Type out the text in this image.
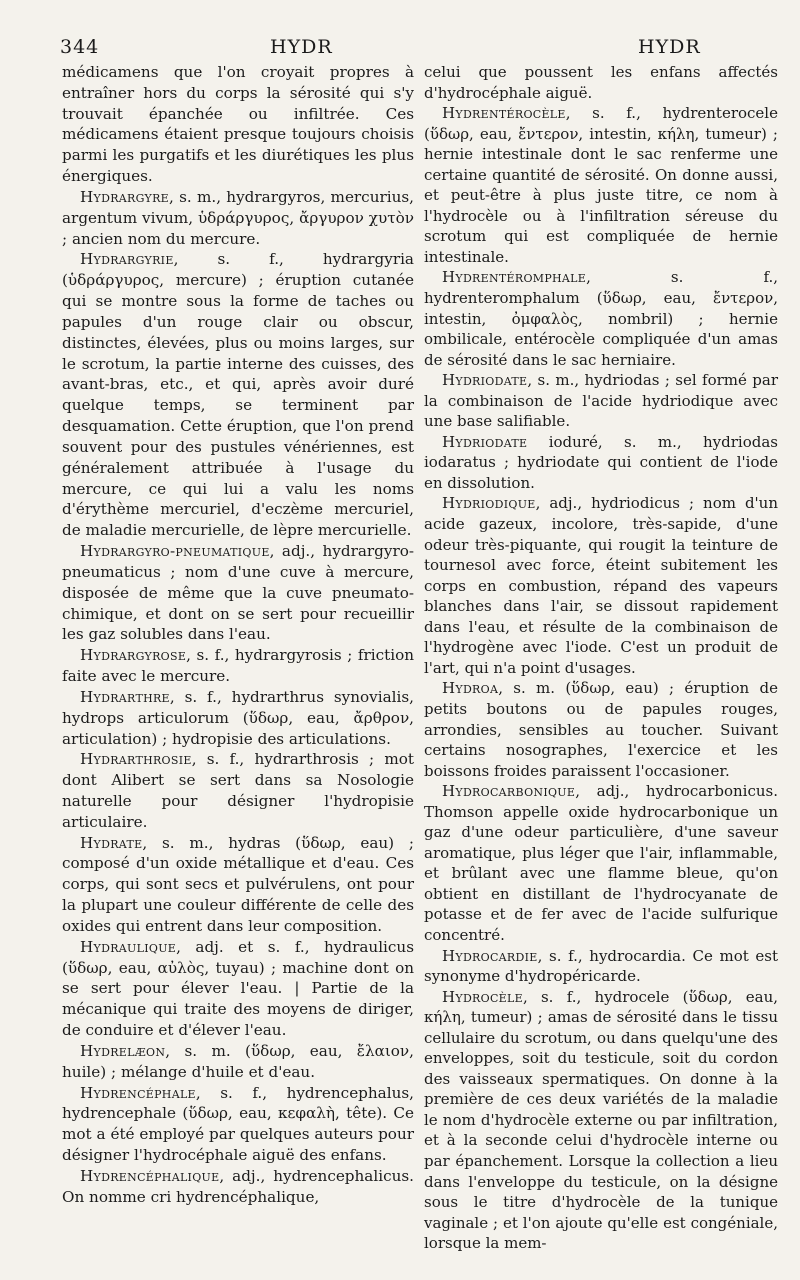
344	HYDR	HYDR

médicamens que l'on croyait propres à entraîner hors du corps la sérosité qui s'y trouvait épanchée ou infiltrée. Ces médicamens étaient presque toujours choisis parmi les purgatifs et les diurétiques les plus énergiques.

Hydrargyre, s. m., hydrargyros, mercurius, argentum vivum, ὑδράργυρος, ἄργυρον χυτὸν ; ancien nom du mercure.

Hydrargyrie, s. f., hydrargyria (ὑδράργυρος, mercure) ; éruption cutanée qui se montre sous la forme de taches ou papules d'un rouge clair ou obscur, distinctes, élevées, plus ou moins larges, sur le scrotum, la partie interne des cuisses, des avant-bras, etc., et qui, après avoir duré quelque temps, se terminent par desquamation. Cette éruption, que l'on prend souvent pour des pustules vénériennes, est généralement attribuée à l'usage du mercure, ce qui lui a valu les noms d'érythème mercuriel, d'eczème mercuriel, de maladie mercurielle, de lèpre mercurielle.

Hydrargyro-pneumatique, adj., hydrargyro-pneumaticus ; nom d'une cuve à mercure, disposée de même que la cuve pneumato-chimique, et dont on se sert pour recueillir les gaz solubles dans l'eau.

Hydrargyrose, s. f., hydrargyrosis ; friction faite avec le mercure.

Hydrarthre, s. f., hydrarthrus synovialis, hydrops articulorum (ὕδωρ, eau, ἄρθρον, articulation) ; hydropisie des articulations.

Hydrarthrosie, s. f., hydrarthrosis ; mot dont Alibert se sert dans sa Nosologie naturelle pour désigner l'hydropisie articulaire.

Hydrate, s. m., hydras (ὕδωρ, eau) ; composé d'un oxide métallique et d'eau. Ces corps, qui sont secs et pulvérulens, ont pour la plupart une couleur différente de celle des oxides qui entrent dans leur composition.

Hydraulique, adj. et s. f., hydraulicus (ὕδωρ, eau, αὐλὸς, tuyau) ; machine dont on se sert pour élever l'eau. | Partie de la mécanique qui traite des moyens de diriger, de conduire et d'élever l'eau.

Hydrelæon, s. m. (ὕδωρ, eau, ἔλαιον, huile) ; mélange d'huile et d'eau.

Hydrencéphale, s. f., hydrencephalus, hydrencephale (ὕδωρ, eau, κεφαλὴ, tête). Ce mot a été employé par quelques auteurs pour désigner l'hydrocéphale aiguë des enfans.

Hydrencéphalique, adj., hydrencephalicus. On nomme cri hydrencéphalique,

celui que poussent les enfans affectés d'hydrocéphale aiguë.

Hydrentérocèle, s. f., hydrenterocele (ὕδωρ, eau, ἔντερον, intestin, κήλη, tumeur) ; hernie intestinale dont le sac renferme une certaine quantité de sérosité. On donne aussi, et peut-être à plus juste titre, ce nom à l'hydrocèle ou à l'infiltration séreuse du scrotum qui est compliquée de hernie intestinale.

Hydrentéromphale, s. f., hydrenteromphalum (ὕδωρ, eau, ἔντερον, intestin, ὀμφαλὸς, nombril) ; hernie ombilicale, entérocèle compliquée d'un amas de sérosité dans le sac herniaire.

Hydriodate, s. m., hydriodas ; sel formé par la combinaison de l'acide hydriodique avec une base salifiable.

Hydriodate ioduré, s. m., hydriodas iodaratus ; hydriodate qui contient de l'iode en dissolution.

Hydriodique, adj., hydriodicus ; nom d'un acide gazeux, incolore, très-sapide, d'une odeur très-piquante, qui rougit la teinture de tournesol avec force, éteint subitement les corps en combustion, répand des vapeurs blanches dans l'air, se dissout rapidement dans l'eau, et résulte de la combinaison de l'hydrogène avec l'iode. C'est un produit de l'art, qui n'a point d'usages.

Hydroa, s. m. (ὕδωρ, eau) ; éruption de petits boutons ou de papules rouges, arrondies, sensibles au toucher. Suivant certains nosographes, l'exercice et les boissons froides paraissent l'occasioner.

Hydrocarbonique, adj., hydrocarbonicus. Thomson appelle oxide hydrocarbonique un gaz d'une odeur particulière, d'une saveur aromatique, plus léger que l'air, inflammable, et brûlant avec une flamme bleue, qu'on obtient en distillant de l'hydrocyanate de potasse et de fer avec de l'acide sulfurique concentré.

Hydrocardie, s. f., hydrocardia. Ce mot est synonyme d'hydropéricarde.

Hydrocèle, s. f., hydrocele (ὕδωρ, eau, κήλη, tumeur) ; amas de sérosité dans le tissu cellulaire du scrotum, ou dans quelqu'une des enveloppes, soit du testicule, soit du cordon des vaisseaux spermatiques. On donne à la première de ces deux variétés de la maladie le nom d'hydrocèle externe ou par infiltration, et à la seconde celui d'hydrocèle interne ou par épanchement. Lorsque la collection a lieu dans l'enveloppe du testicule, on la désigne sous le titre d'hydrocèle de la tunique vaginale ; et l'on ajoute qu'elle est congéniale, lorsque la mem-
